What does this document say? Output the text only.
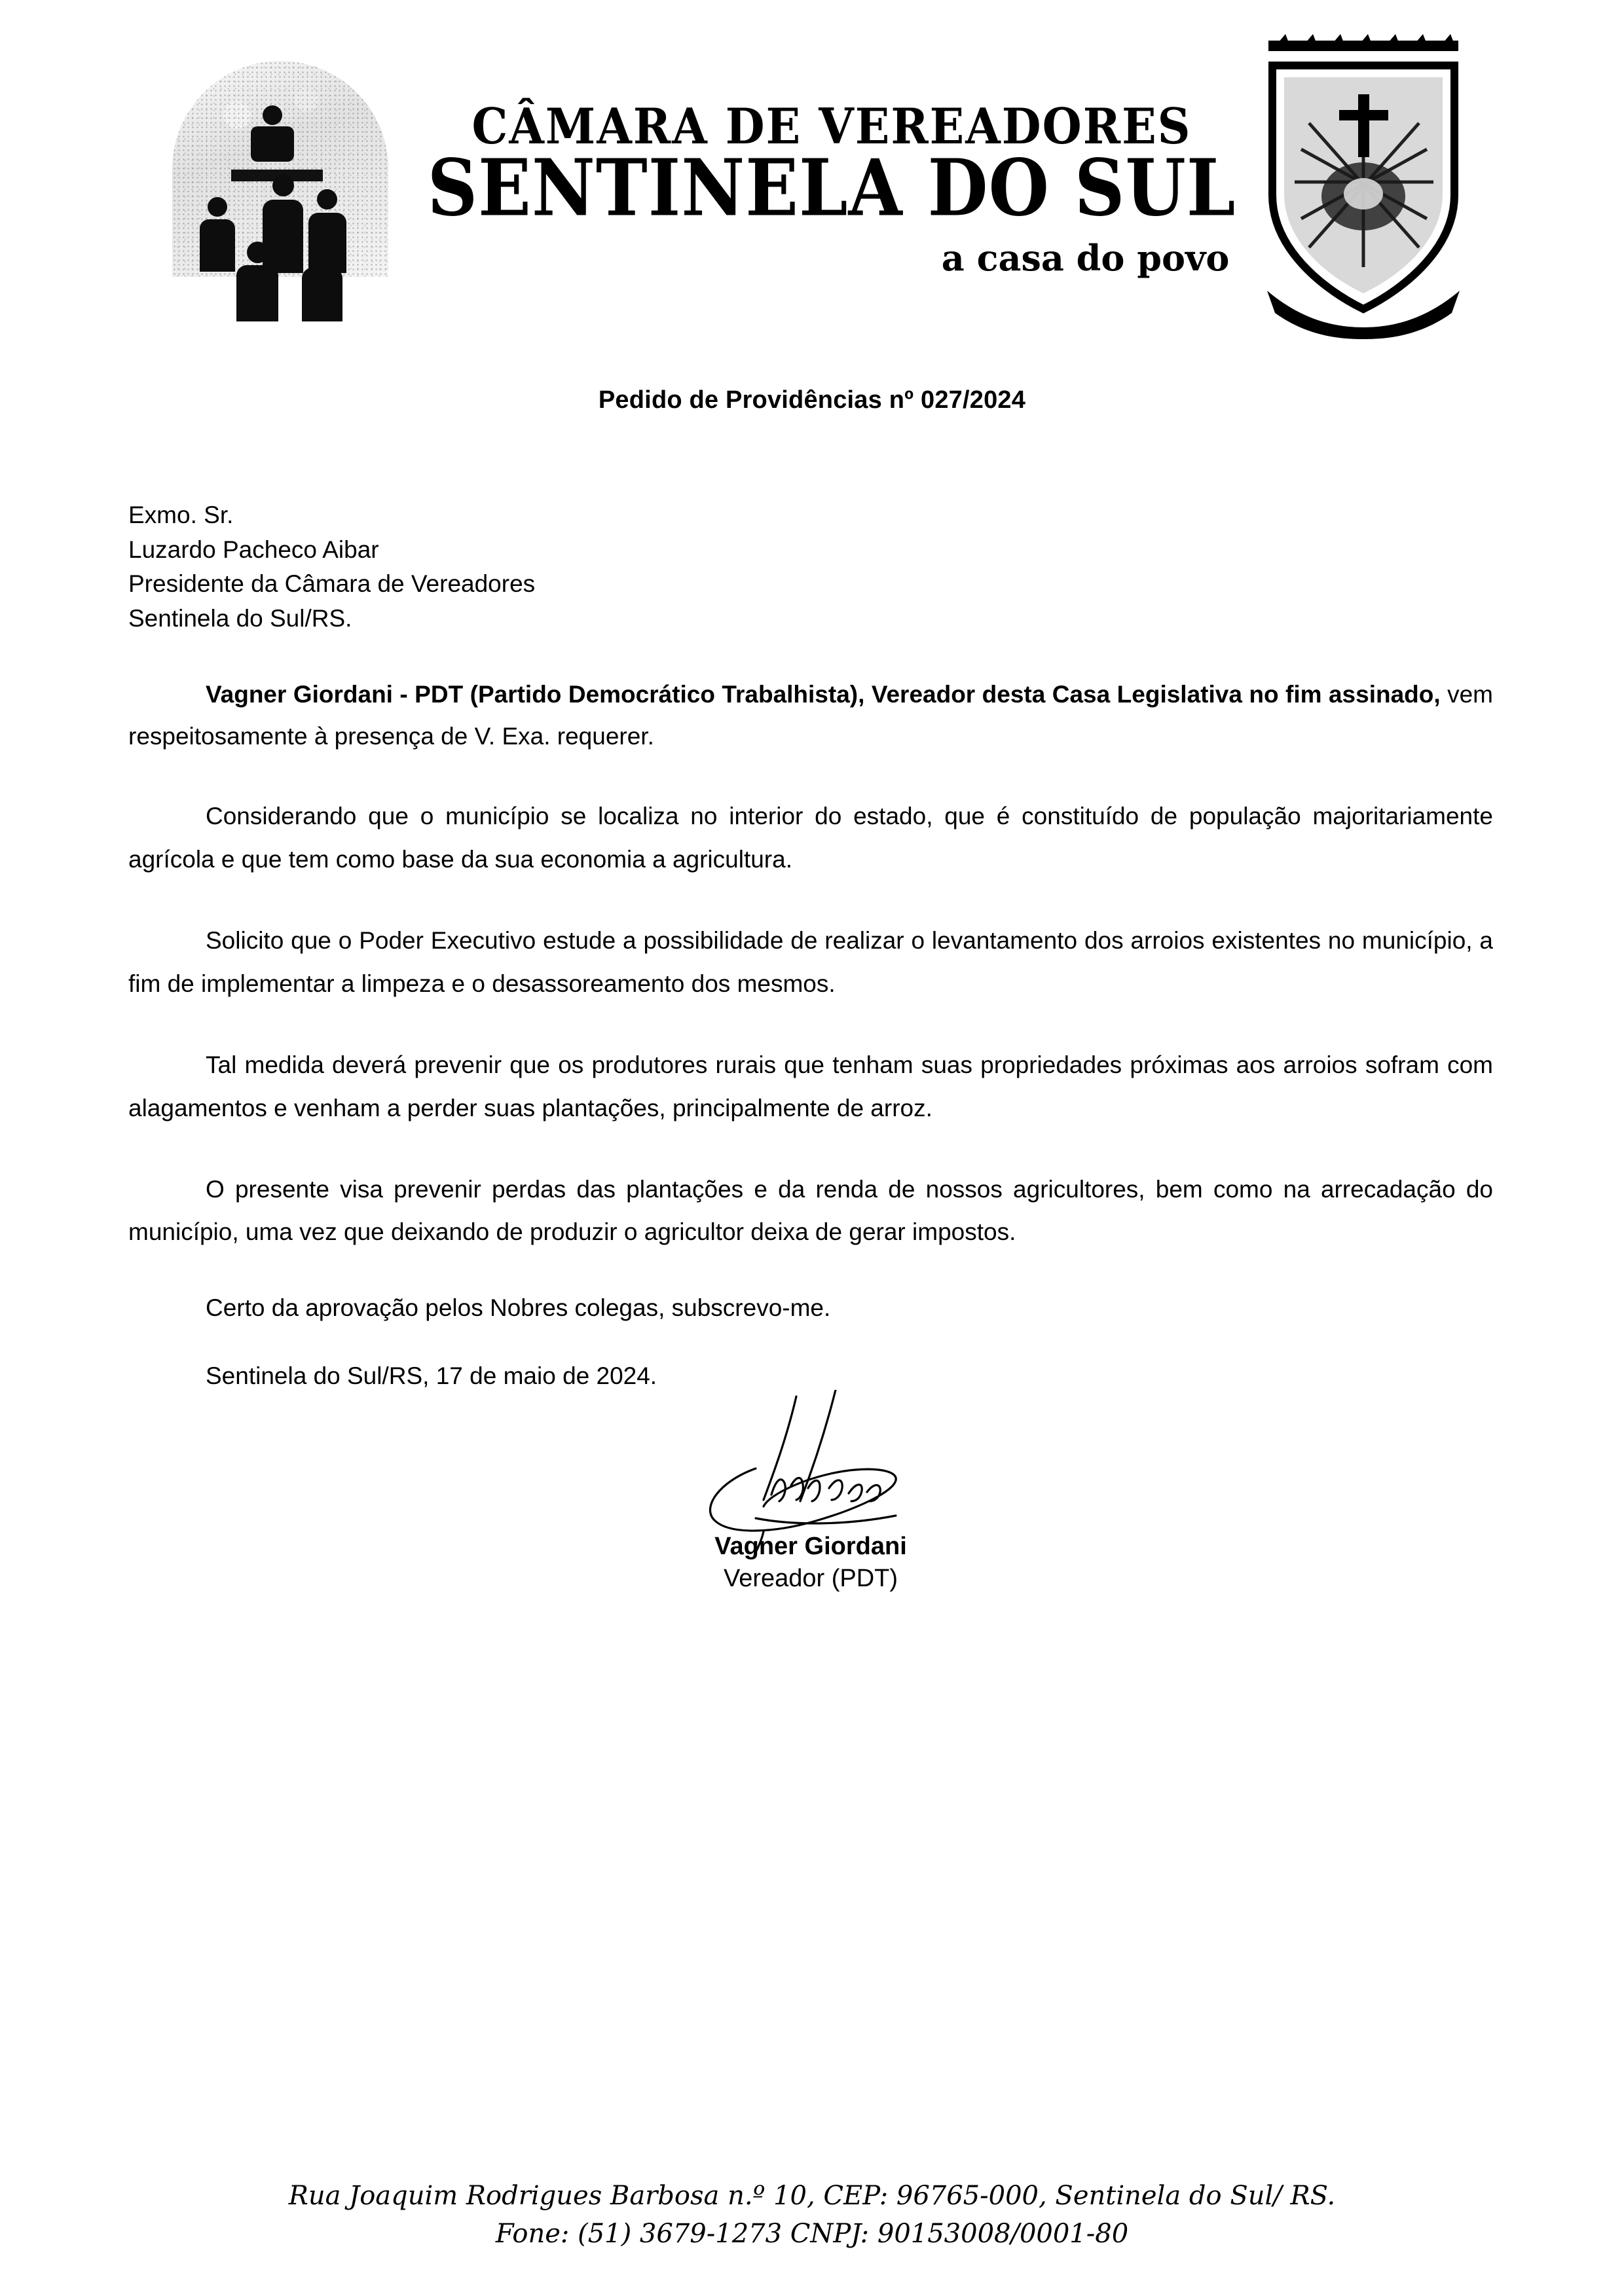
CÂMARA DE VEREADORES
SENTINELA DO SUL
a casa do povo
Pedido de Providências nº 027/2024
Exmo. Sr.
Luzardo Pacheco Aibar
Presidente da Câmara de Vereadores
Sentinela do Sul/RS.

Vagner Giordani - PDT (Partido Democrático Trabalhista), Vereador desta Casa Legislativa no fim assinado, vem respeitosamente à presença de V. Exa. requerer.

Considerando que o município se localiza no interior do estado, que é constituído de população majoritariamente agrícola e que tem como base da sua economia a agricultura.

Solicito que o Poder Executivo estude a possibilidade de realizar o levantamento dos arroios existentes no município, a fim de implementar a limpeza e o desassoreamento dos mesmos.

Tal medida deverá prevenir que os produtores rurais que tenham suas propriedades próximas aos arroios sofram com alagamentos e venham a perder suas plantações, principalmente de arroz.

O presente visa prevenir perdas das plantações e da renda de nossos agricultores, bem como na arrecadação do município, uma vez que deixando de produzir o agricultor deixa de gerar impostos.

Certo da aprovação pelos Nobres colegas, subscrevo-me.
Sentinela do Sul/RS, 17 de maio de 2024.
Vagner Giordani
Vereador (PDT)
Rua Joaquim Rodrigues Barbosa n.º 10, CEP: 96765-000, Sentinela do Sul/ RS.
Fone: (51) 3679-1273 CNPJ: 90153008/0001-80
